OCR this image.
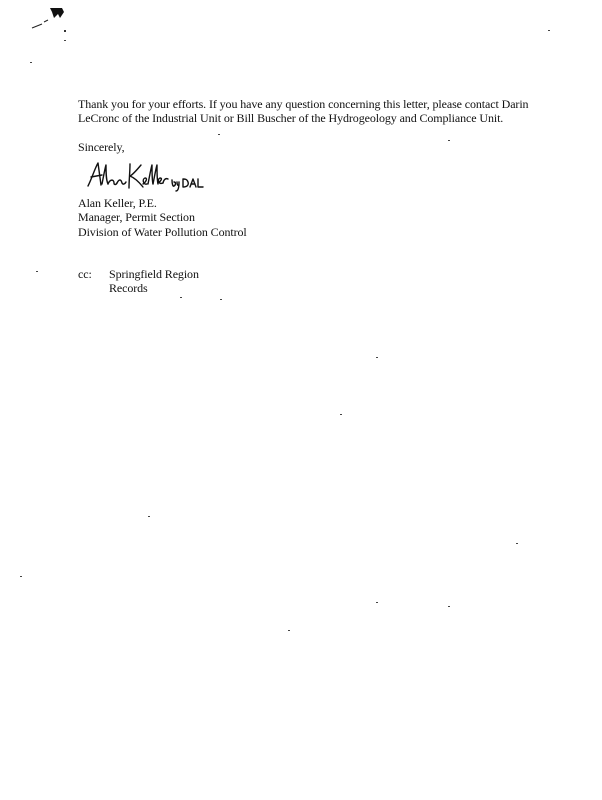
Thank you for your efforts. If you have any question concerning this letter, please contact Darin
LeCronc of the Industrial Unit or Bill Buscher of the Hydrogeology and Compliance Unit.
Sincerely,
Alan Keller, P.E.
Manager, Permit Section
Division of Water Pollution Control
cc: Springfield Region
Records
